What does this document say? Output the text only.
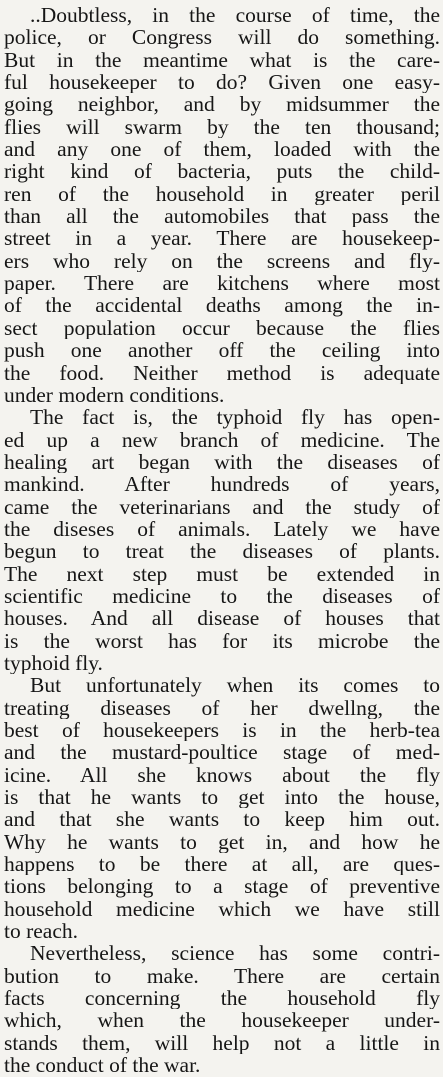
..Doubtless, in the course of time, the
police, or Congress will do something.
But in the meantime what is the care-
ful housekeeper to do? Given one easy-
going neighbor, and by midsummer the
flies will swarm by the ten thousand;
and any one of them, loaded with the
right kind of bacteria, puts the child-
ren of the household in greater peril
than all the automobiles that pass the
street in a year. There are housekeep-
ers who rely on the screens and fly-
paper. There are kitchens where most
of the accidental deaths among the in-
sect population occur because the flies
push one another off the ceiling into
the food. Neither method is adequate
under modern conditions.

The fact is, the typhoid fly has open-
ed up a new branch of medicine. The
healing art began with the diseases of
mankind. After hundreds of years,
came the veterinarians and the study of
the diseses of animals. Lately we have
begun to treat the diseases of plants.
The next step must be extended in
scientific medicine to the diseases of
houses. And all disease of houses that
is the worst has for its microbe the
typhoid fly.

But unfortunately when its comes to
treating diseases of her dwellng, the
best of housekeepers is in the herb-tea
and the mustard-poultice stage of med-
icine. All she knows about the fly
is that he wants to get into the house,
and that she wants to keep him out.
Why he wants to get in, and how he
happens to be there at all, are ques-
tions belonging to a stage of preventive
household medicine which we have still
to reach.

Nevertheless, science has some contri-
bution to make. There are certain
facts concerning the household fly
which, when the housekeeper under-
stands them, will help not a little in
the conduct of the war.
